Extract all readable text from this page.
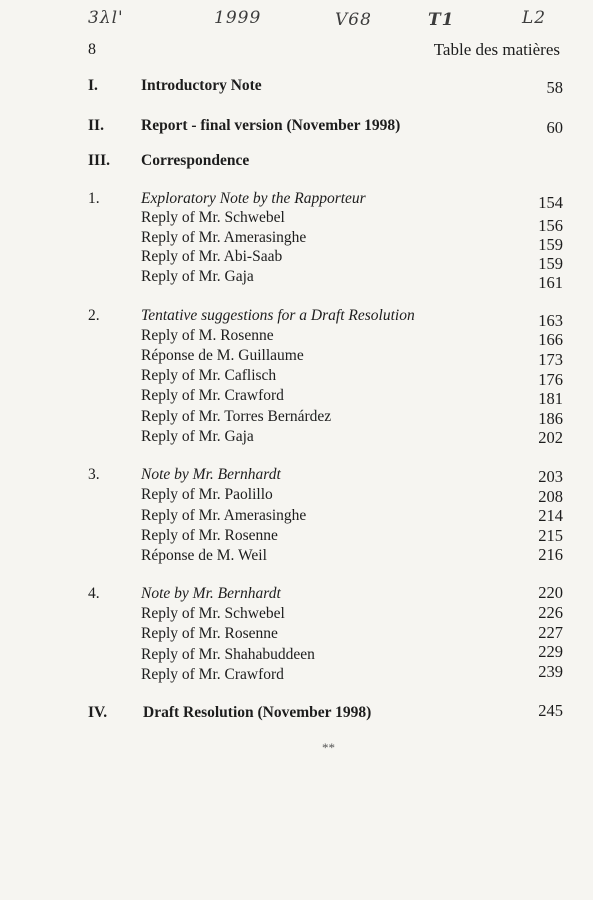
3λl'	1999	V68	T1	L2
8	Table des matières
I.	Introductory Note	58
II. Report - final version (November 1998)	60
III. Correspondence
1.	Exploratory Note by the Rapporteur	154
Reply of Mr. Schwebel	156
Reply of Mr. Amerasinghe	159
Reply of Mr. Abi-Saab	159
Reply of Mr. Gaja	161
2.	Tentative suggestions for a Draft Resolution	163
Reply of M. Rosenne	166
Réponse de M. Guillaume	173
Reply of Mr. Caflisch	176
Reply of Mr. Crawford	181
Reply of Mr. Torres Bernárdez	186
Reply of Mr. Gaja	202
3.	Note by Mr. Bernhardt	203
Reply of Mr. Paolillo	208
Reply of Mr. Amerasinghe	214
Reply of Mr. Rosenne	215
Réponse de M. Weil	216
4.	Note by Mr. Bernhardt	220
Reply of Mr. Schwebel	226
Reply of Mr. Rosenne	227
Reply of Mr. Shahabuddeen	229
Reply of Mr. Crawford	239
IV. Draft Resolution (November 1998)	245
**
